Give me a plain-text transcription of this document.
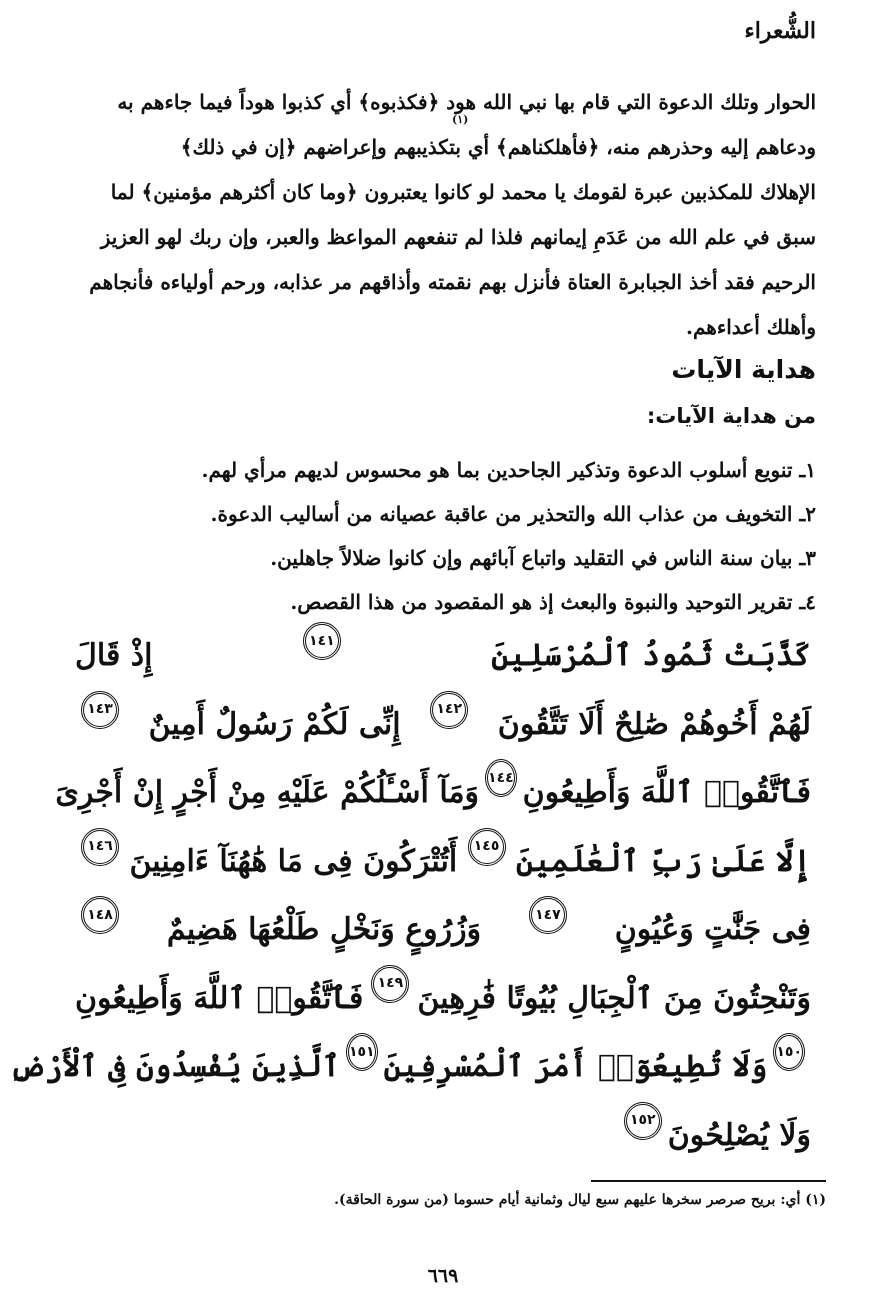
الشُّعراء

الحوار وتلك الدعوة التي قام بها نبي الله هود ﴿فكذبوه﴾ أي كذبوا هوداً فيما جاءهم به

ودعاهم إليه وحذرهم منه، ﴿فأهلكناهم﴾ أي بتكذيبهم وإعراضهم ﴿إن في ذلك﴾

الإهلاك للمكذبين عبرة لقومك يا محمد لو كانوا يعتبرون ﴿وما كان أكثرهم مؤمنين﴾ لما

سبق في علم الله من عَدَمِ إيمانهم فلذا لم تنفعهم المواعظ والعبر، وإن ربك لهو العزيز

الرحيم فقد أخذ الجبابرة العتاة فأنزل بهم نقمته وأذاقهم مر عذابه، ورحم أولياءه فأنجاهم

وأهلك أعداءهم.

(١)
هداية الآيات
من هداية الآيات:
١ـ تنويع أسلوب الدعوة وتذكير الجاحدين بما هو محسوس لديهم مرأي لهم.
٢ـ التخويف من عذاب الله والتحذير من عاقبة عصيانه من أساليب الدعوة.
٣ـ بيان سنة الناس في التقليد واتباع آبائهم وإن كانوا ضلالاً جاهلين.
٤ـ تقرير التوحيد والنبوة والبعث إذ هو المقصود من هذا القصص.
كَذَّبَتْ ثَمُودُ ٱلْمُرْسَلِينَ
١٤١
إِذْ قَالَ
لَهُمْ أَخُوهُمْ صَٰلِحٌ أَلَا تَتَّقُونَ
١٤٢
إِنِّى لَكُمْ رَسُولٌ أَمِينٌ
١٤٣
فَٱتَّقُوا۟ ٱللَّهَ وَأَطِيعُونِ
١٤٤
وَمَآ أَسْـَٔلُكُمْ عَلَيْهِ مِنْ أَجْرٍ إِنْ أَجْرِىَ
إِلَّا عَلَىٰ رَبِّ ٱلْعَٰلَمِينَ
١٤٥
أَتُتْرَكُونَ فِى مَا هَٰهُنَآ ءَامِنِينَ
١٤٦
فِى جَنَّٰتٍ وَعُيُونٍ
١٤٧
وَزُرُوعٍ وَنَخْلٍ طَلْعُهَا هَضِيمٌ
١٤٨
وَتَنْحِتُونَ مِنَ ٱلْجِبَالِ بُيُوتًا فَٰرِهِينَ
١٤٩
فَٱتَّقُوا۟ ٱللَّهَ وَأَطِيعُونِ
١٥٠
وَلَا تُطِيعُوٓا۟ أَمْرَ ٱلْمُسْرِفِينَ
١٥١
ٱلَّذِينَ يُفْسِدُونَ فِى ٱلْأَرْضِ
وَلَا يُصْلِحُونَ
١٥٢
(١) أي: بريح صرصر سخرها عليهم سبع ليال وثمانية أيام حسوما (من سورة الحاقة).
٦٦٩
